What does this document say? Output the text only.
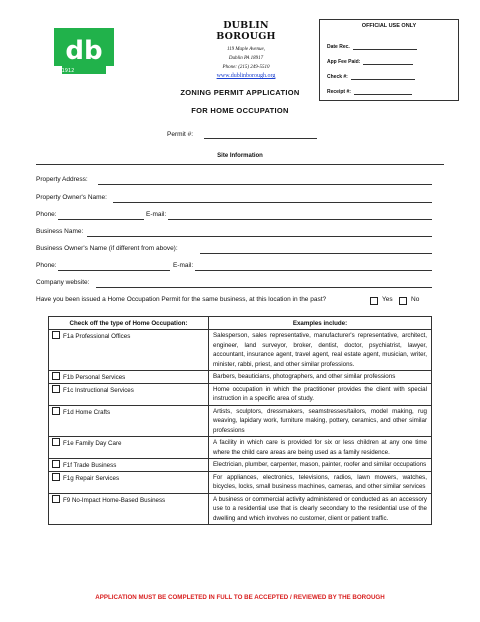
db
1912
DUBLIN BOROUGH
119 Maple Avenue,
Dublin PA 18917
Phone: (215) 249-5510
www.dublinborough.org
OFFICIAL USE ONLY
Date Rec.
App Fee Paid:
Check #:
Receipt #:
ZONING PERMIT APPLICATION
FOR HOME OCCUPATION
Permit #:
Site Information
Property Address:
Property Owner's Name:
Phone:	E-mail:
Business Name:
Business Owner's Name (if different from above):
Phone:	E-mail:
Company website:
Have you been issued a Home Occupation Permit for the same business, at this location in the past?	Yes	No
Check off the type of Home Occupation:	Examples include:
F1a Professional Offices	Salesperson, sales representative, manufacturer's representative, architect, engineer, land surveyor, broker, dentist, doctor, psychiatrist, lawyer, accountant, insurance agent, travel agent, real estate agent, musician, writer, minister, rabbi, priest, and other similar professions.
F1b Personal Services	Barbers, beauticians, photographers, and other similar professions
F1c Instructional Services	Home occupation in which the practitioner provides the client with special instruction in a specific area of study.
F1d Home Crafts	Artists, sculptors, dressmakers, seamstresses/tailors, model making, rug weaving, lapidary work, furniture making, pottery, ceramics, and other similar professions
F1e Family Day Care	A facility in which care is provided for six or less children at any one time where the child care areas are being used as a family residence.
F1f Trade Business	Electrician, plumber, carpenter, mason, painter, roofer and similar occupations
F1g Repair Services	For appliances, electronics, televisions, radios, lawn mowers, watches, bicycles, locks, small business machines, cameras, and other similar services
F9 No-Impact Home-Based Business	A business or commercial activity administered or conducted as an accessory use to a residential use that is clearly secondary to the residential use of the dwelling and which involves no customer, client or patient traffic.
APPLICATION MUST BE COMPLETED IN FULL TO BE ACCEPTED / REVIEWED BY THE BOROUGH
